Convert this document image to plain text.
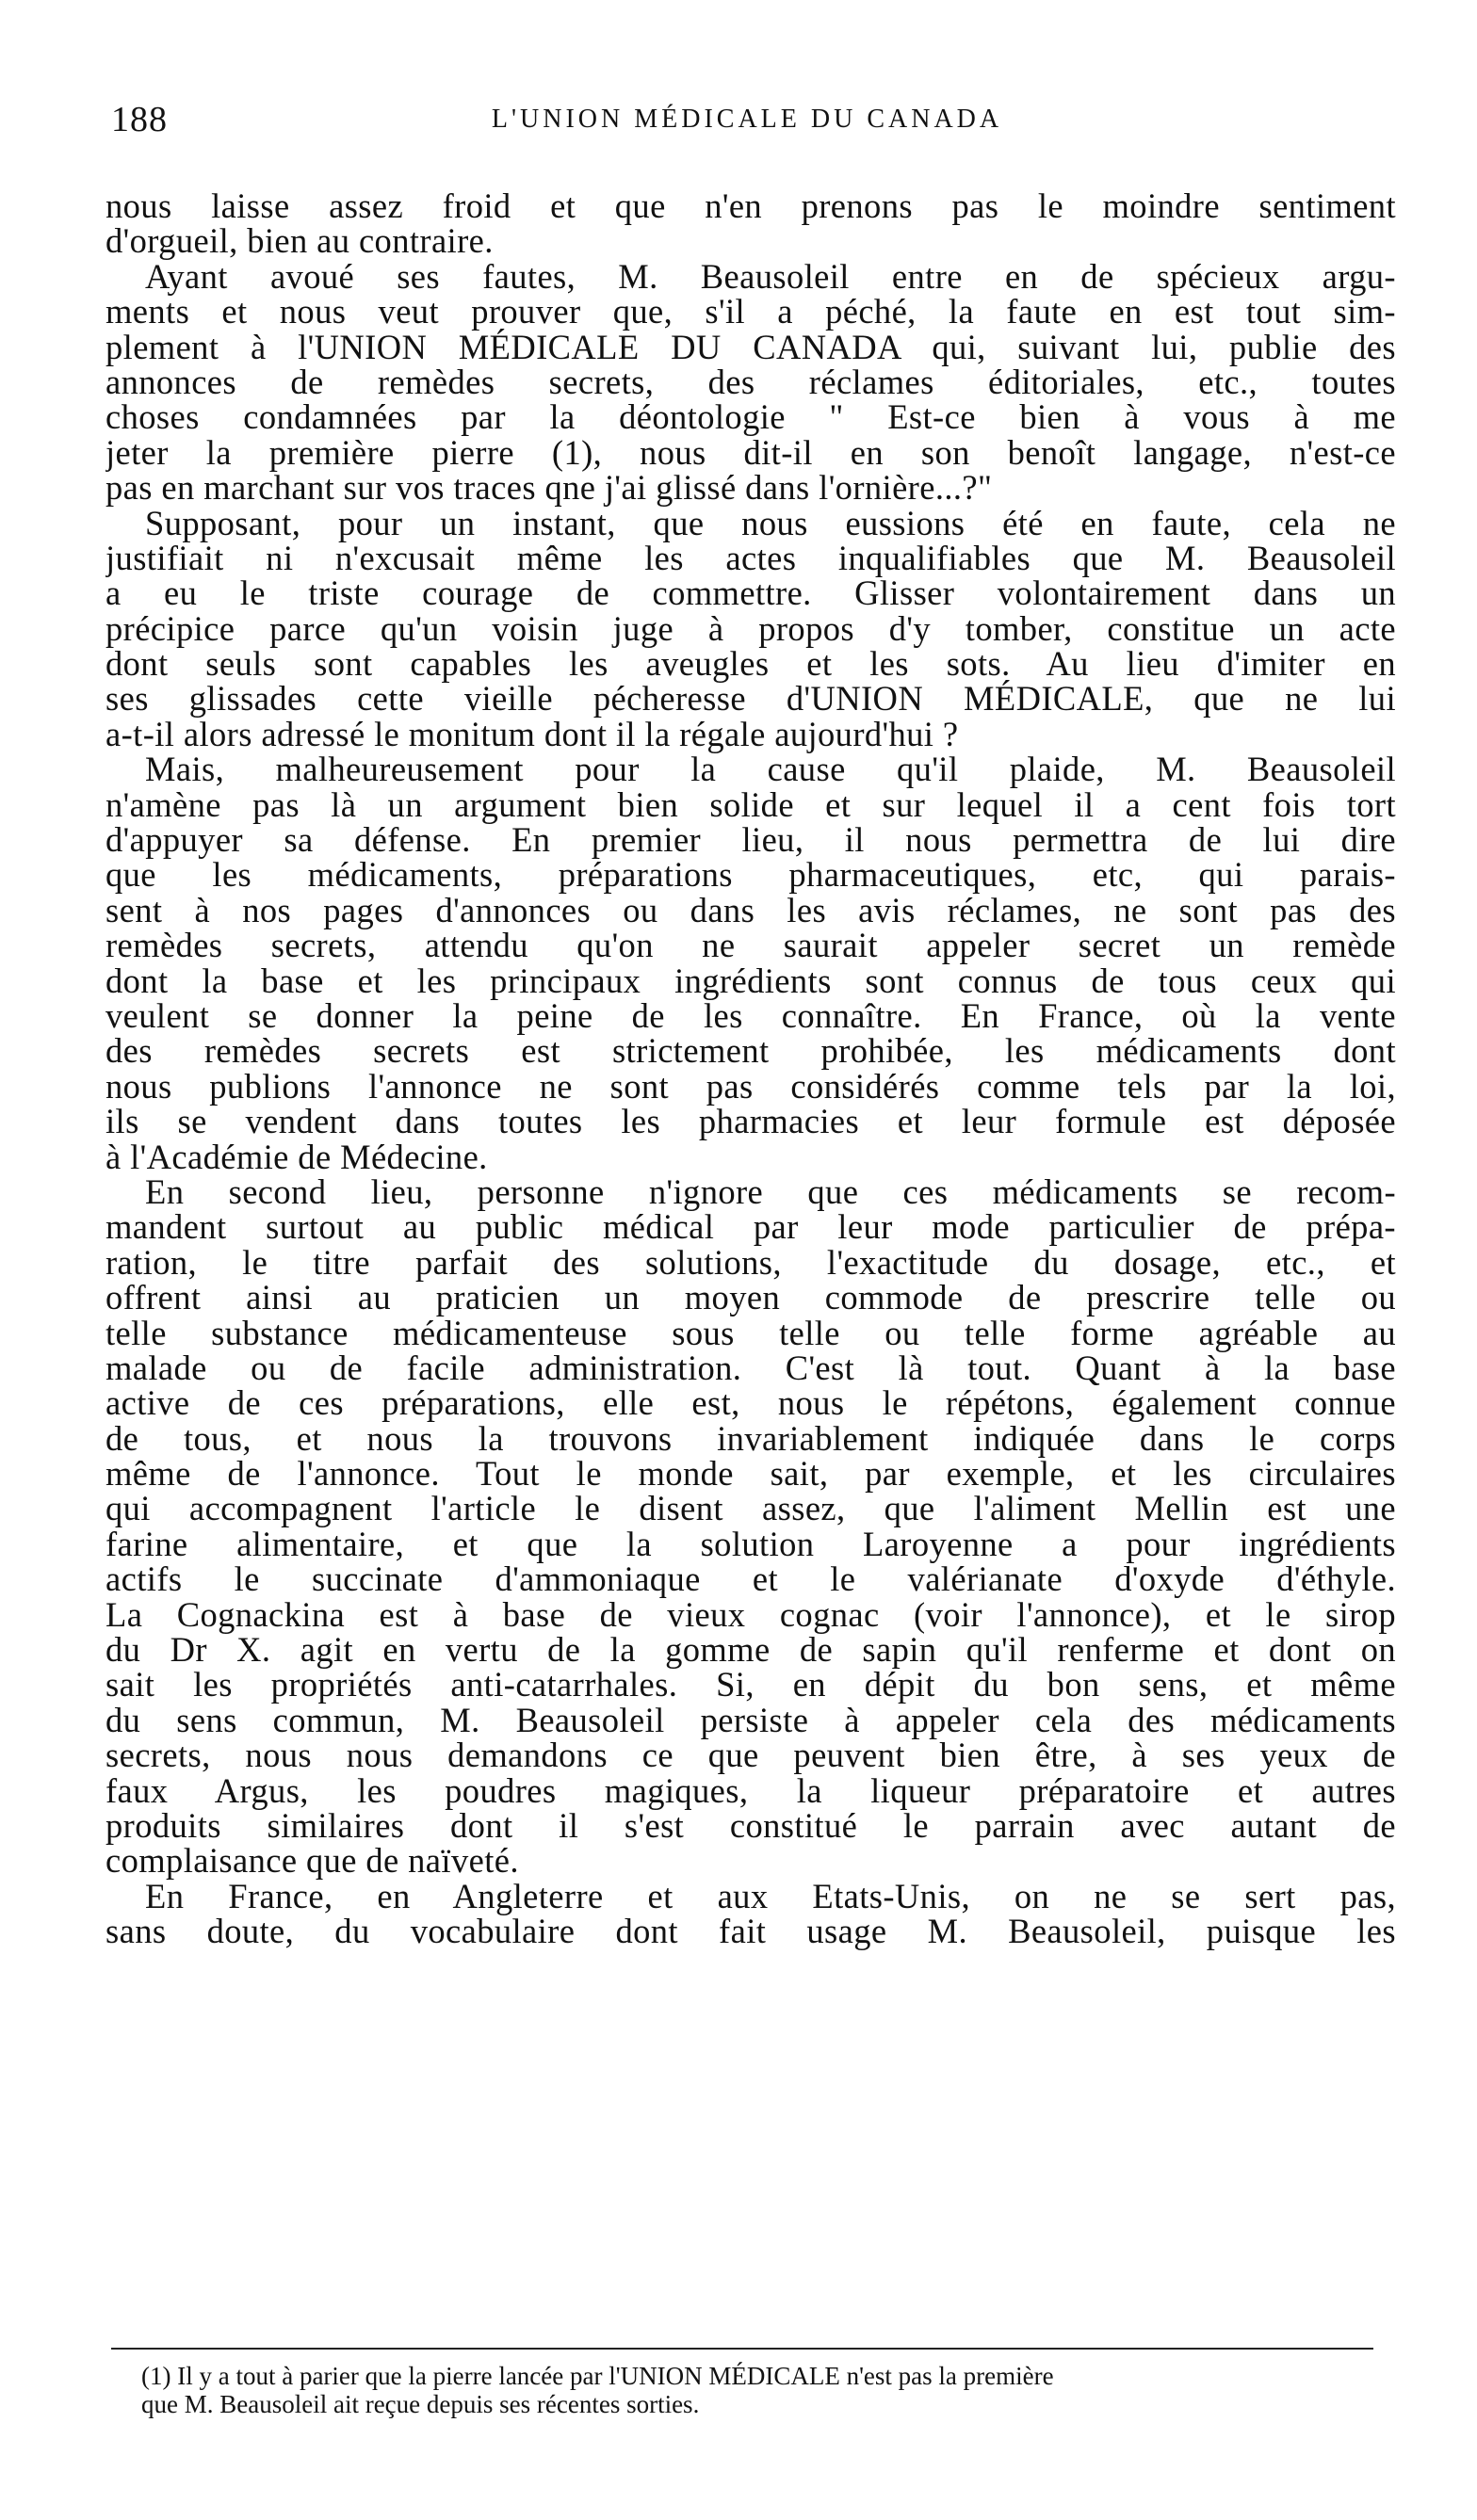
188	L'UNION MÉDICALE DU CANADA
nous laisse assez froid et que n'en prenons pas le moindre sentiment
d'orgueil, bien au contraire.
Ayant avoué ses fautes, M. Beausoleil entre en de spécieux argu-
ments et nous veut prouver que, s'il a péché, la faute en est tout sim-
plement à l'UNION MÉDICALE DU CANADA qui, suivant lui, publie des
annonces de remèdes secrets, des réclames éditoriales, etc., toutes
choses condamnées par la déontologie " Est-ce bien à vous à me
jeter la première pierre (1), nous dit-il en son benoît langage, n'est-ce
pas en marchant sur vos traces qne j'ai glissé dans l'ornière...?"
Supposant, pour un instant, que nous eussions été en faute, cela ne
justifiait ni n'excusait même les actes inqualifiables que M. Beausoleil
a eu le triste courage de commettre. Glisser volontairement dans un
précipice parce qu'un voisin juge à propos d'y tomber, constitue un acte
dont seuls sont capables les aveugles et les sots. Au lieu d'imiter en
ses glissades cette vieille pécheresse d'UNION MÉDICALE, que ne lui
a-t-il alors adressé le monitum dont il la régale aujourd'hui ?
Mais, malheureusement pour la cause qu'il plaide, M. Beausoleil
n'amène pas là un argument bien solide et sur lequel il a cent fois tort
d'appuyer sa défense. En premier lieu, il nous permettra de lui dire
que les médicaments, préparations pharmaceutiques, etc, qui parais-
sent à nos pages d'annonces ou dans les avis réclames, ne sont pas des
remèdes secrets, attendu qu'on ne saurait appeler secret un remède
dont la base et les principaux ingrédients sont connus de tous ceux qui
veulent se donner la peine de les connaître. En France, où la vente
des remèdes secrets est strictement prohibée, les médicaments dont
nous publions l'annonce ne sont pas considérés comme tels par la loi,
ils se vendent dans toutes les pharmacies et leur formule est déposée
à l'Académie de Médecine.
En second lieu, personne n'ignore que ces médicaments se recom-
mandent surtout au public médical par leur mode particulier de prépa-
ration, le titre parfait des solutions, l'exactitude du dosage, etc., et
offrent ainsi au praticien un moyen commode de prescrire telle ou
telle substance médicamenteuse sous telle ou telle forme agréable au
malade ou de facile administration. C'est là tout. Quant à la base
active de ces préparations, elle est, nous le répétons, également connue
de tous, et nous la trouvons invariablement indiquée dans le corps
même de l'annonce. Tout le monde sait, par exemple, et les circulaires
qui accompagnent l'article le disent assez, que l'aliment Mellin est une
farine alimentaire, et que la solution Laroyenne a pour ingrédients
actifs le succinate d'ammoniaque et le valérianate d'oxyde d'éthyle.
La Cognackina est à base de vieux cognac (voir l'annonce), et le sirop
du Dr X. agit en vertu de la gomme de sapin qu'il renferme et dont on
sait les propriétés anti-catarrhales. Si, en dépit du bon sens, et même
du sens commun, M. Beausoleil persiste à appeler cela des médicaments
secrets, nous nous demandons ce que peuvent bien être, à ses yeux de
faux Argus, les poudres magiques, la liqueur préparatoire et autres
produits similaires dont il s'est constitué le parrain avec autant de
complaisance que de naïveté.
En France, en Angleterre et aux Etats-Unis, on ne se sert pas,
sans doute, du vocabulaire dont fait usage M. Beausoleil, puisque les
(1) Il y a tout à parier que la pierre lancée par l'UNION MÉDICALE n'est pas la première
que M. Beausoleil ait reçue depuis ses récentes sorties.
